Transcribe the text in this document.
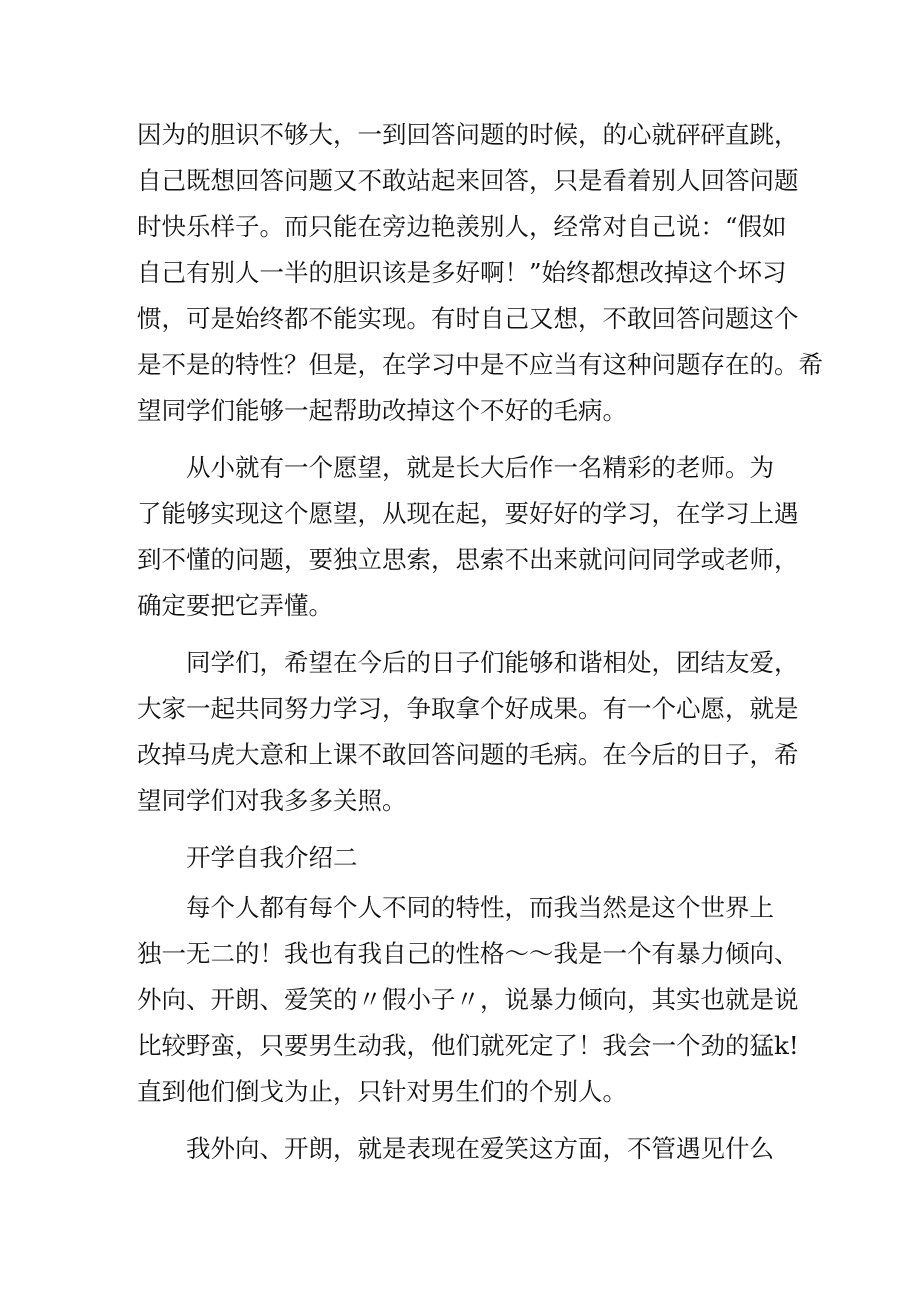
因为的胆识不够大，一到回答问题的时候，的心就砰砰直跳，
自己既想回答问题又不敢站起来回答，只是看着别人回答问题
时快乐样子。而只能在旁边艳羡别人，经常对自己说：“假如
自己有别人一半的胆识该是多好啊！”始终都想改掉这个坏习
惯，可是始终都不能实现。有时自己又想，不敢回答问题这个
是不是的特性？但是，在学习中是不应当有这种问题存在的。希
望同学们能够一起帮助改掉这个不好的毛病。
　　从小就有一个愿望，就是长大后作一名精彩的老师。为
了能够实现这个愿望，从现在起，要好好的学习，在学习上遇
到不懂的问题，要独立思索，思索不出来就问问同学或老师，
确定要把它弄懂。
　　同学们，希望在今后的日子们能够和谐相处，团结友爱，
大家一起共同努力学习，争取拿个好成果。有一个心愿，就是
改掉马虎大意和上课不敢回答问题的毛病。在今后的日子，希
望同学们对我多多关照。
　　开学自我介绍二
　　每个人都有每个人不同的特性，而我当然是这个世界上
独一无二的！我也有我自己的性格～～我是一个有暴力倾向、
外向、开朗、爱笑的〃假小子〃，说暴力倾向，其实也就是说
比较野蛮，只要男生动我，他们就死定了！我会一个劲的猛k!
直到他们倒戈为止，只针对男生们的个别人。
　　我外向、开朗，就是表现在爱笑这方面，不管遇见什么
